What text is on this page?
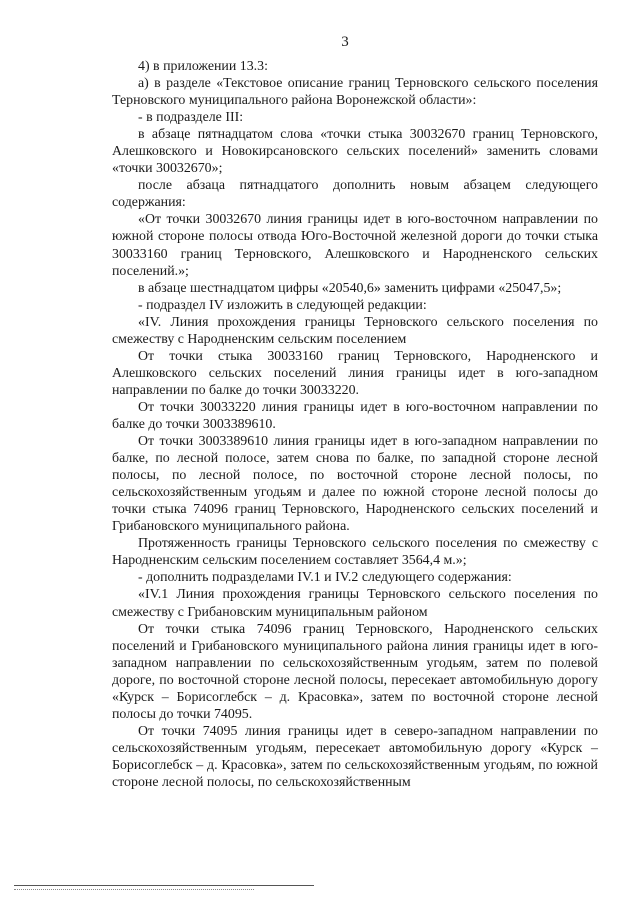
3

4) в приложении 13.3:

а) в разделе «Текстовое описание границ Терновского сельского поселения Терновского муниципального района Воронежской области»:

- в подразделе III:

в абзаце пятнадцатом слова «точки стыка 30032670 границ Терновского, Алешковского и Новокирсановского сельских поселений» заменить словами «точки 30032670»;

после абзаца пятнадцатого дополнить новым абзацем следующего содержания:

«От точки 30032670 линия границы идет в юго-восточном направлении по южной стороне полосы отвода Юго-Восточной железной дороги до точки стыка 30033160 границ Терновского, Алешковского и Народненского сельских поселений.»;

в абзаце шестнадцатом цифры «20540,6» заменить цифрами «25047,5»;

- подраздел IV изложить в следующей редакции:

«IV. Линия прохождения границы Терновского сельского поселения по смежеству с Народненским сельским поселением

От точки стыка 30033160 границ Терновского, Народненского и Алешковского сельских поселений линия границы идет в юго-западном направлении по балке до точки 30033220.

От точки 30033220 линия границы идет в юго-восточном направлении по балке до точки 3003389610.

От точки 3003389610 линия границы идет в юго-западном направлении по балке, по лесной полосе, затем снова по балке, по западной стороне лесной полосы, по лесной полосе, по восточной стороне лесной полосы, по сельскохозяйственным угодьям и далее по южной стороне лесной полосы до точки стыка 74096 границ Терновского, Народненского сельских поселений и Грибановского муниципального района.

Протяженность границы Терновского сельского поселения по смежеству с Народненским сельским поселением составляет 3564,4 м.»;

- дополнить подразделами IV.1 и IV.2 следующего содержания:

«IV.1 Линия прохождения границы Терновского сельского поселения по смежеству с Грибановским муниципальным районом

От точки стыка 74096 границ Терновского, Народненского сельских поселений и Грибановского муниципального района линия границы идет в юго-западном направлении по сельскохозяйственным угодьям, затем по полевой дороге, по восточной стороне лесной полосы, пересекает автомобильную дорогу «Курск – Борисоглебск – д. Красовка», затем по восточной стороне лесной полосы до точки 74095.

От точки 74095 линия границы идет в северо-западном направлении по сельскохозяйственным угодьям, пересекает автомобильную дорогу «Курск – Борисоглебск – д. Красовка», затем по сельскохозяйственным угодьям, по южной стороне лесной полосы, по сельскохозяйственным
